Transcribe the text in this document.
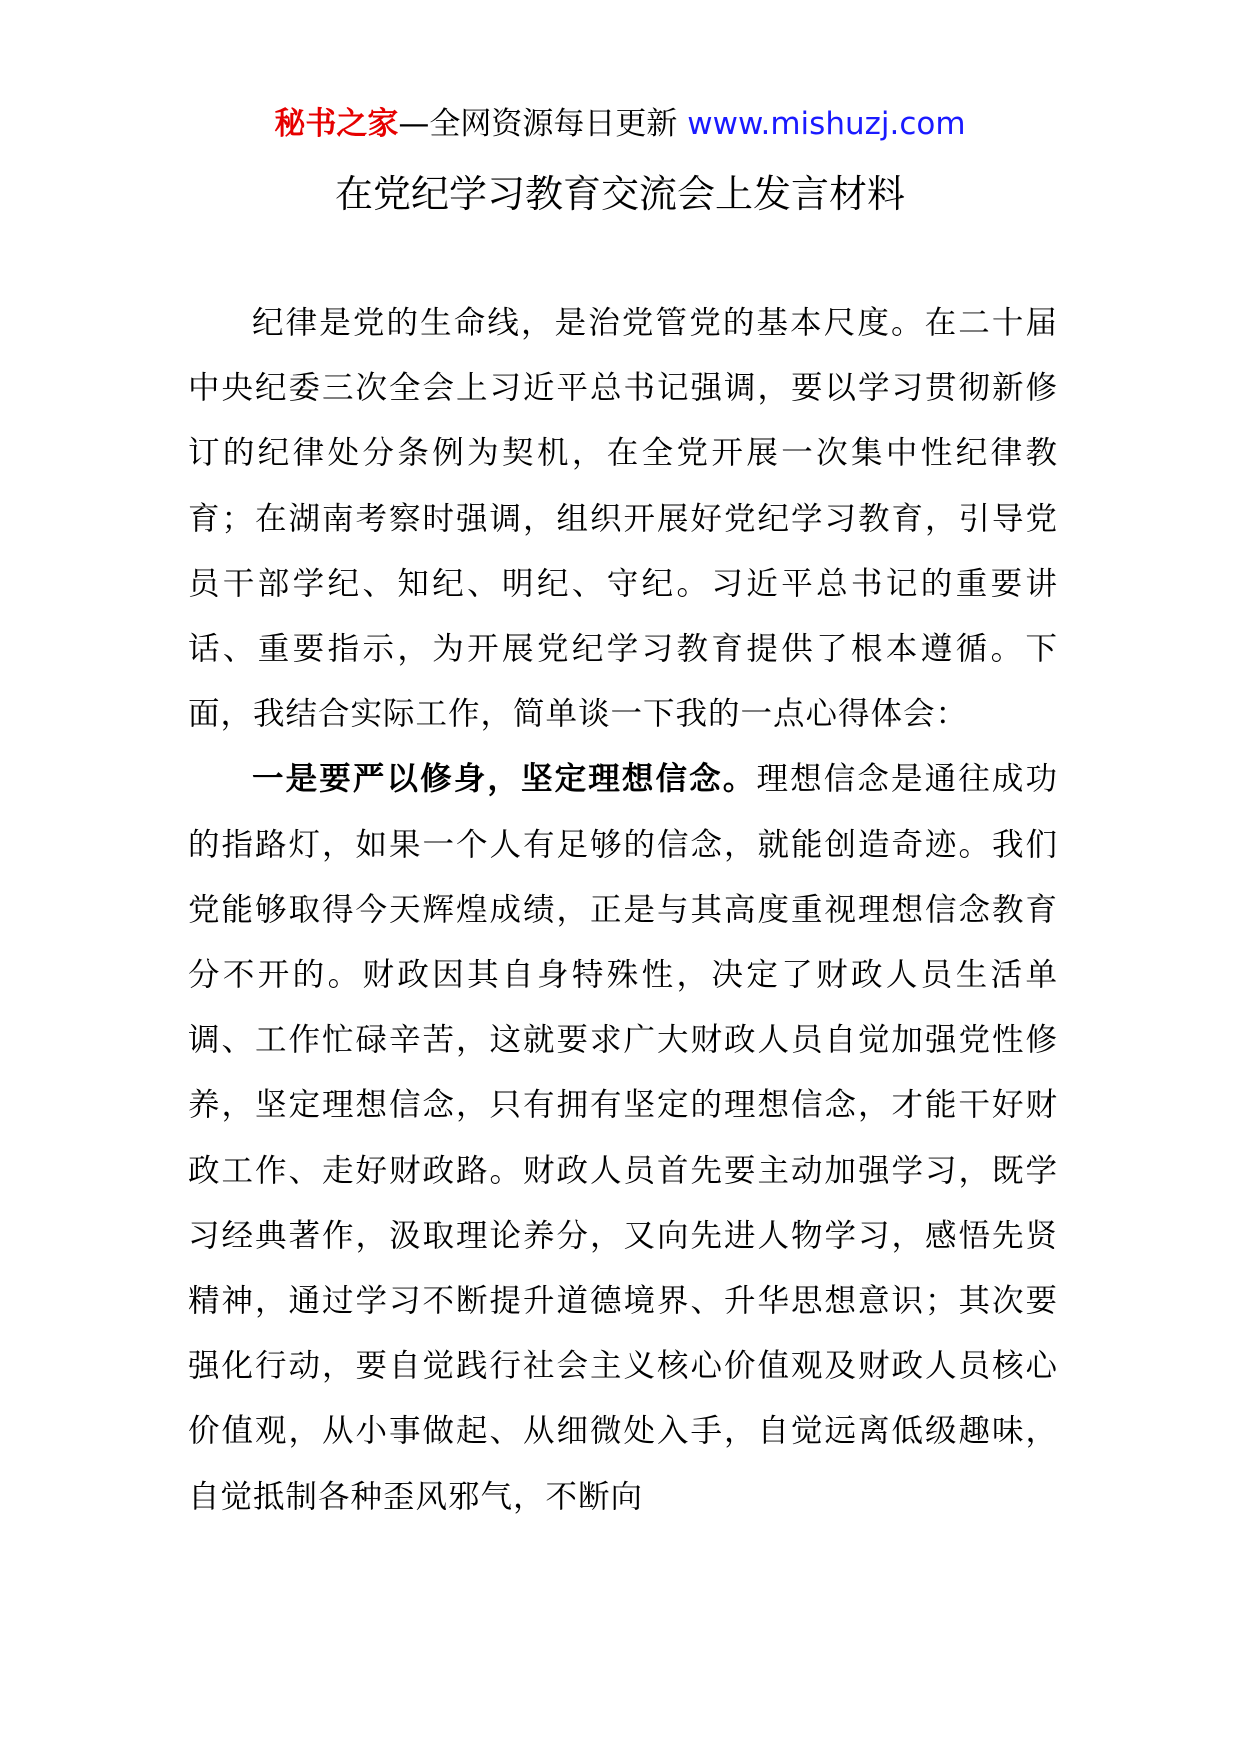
秘书之家—全网资源每日更新 www.mishuzj.com
在党纪学习教育交流会上发言材料

纪律是党的生命线，是治党管党的基本尺度。在二十届中央纪委三次全会上习近平总书记强调，要以学习贯彻新修订的纪律处分条例为契机，在全党开展一次集中性纪律教育；在湖南考察时强调，组织开展好党纪学习教育，引导党员干部学纪、知纪、明纪、守纪。习近平总书记的重要讲话、重要指示，为开展党纪学习教育提供了根本遵循。下面，我结合实际工作，简单谈一下我的一点心得体会：

一是要严以修身，坚定理想信念。理想信念是通往成功的指路灯，如果一个人有足够的信念，就能创造奇迹。我们党能够取得今天辉煌成绩，正是与其高度重视理想信念教育分不开的。财政因其自身特殊性，决定了财政人员生活单调、工作忙碌辛苦，这就要求广大财政人员自觉加强党性修养，坚定理想信念，只有拥有坚定的理想信念，才能干好财政工作、走好财政路。财政人员首先要主动加强学习，既学习经典著作，汲取理论养分，又向先进人物学习，感悟先贤精神，通过学习不断提升道德境界、升华思想意识；其次要强化行动，要自觉践行社会主义核心价值观及财政人员核心价值观，从小事做起、从细微处入手，自觉远离低级趣味，自觉抵制各种歪风邪气，不断向
